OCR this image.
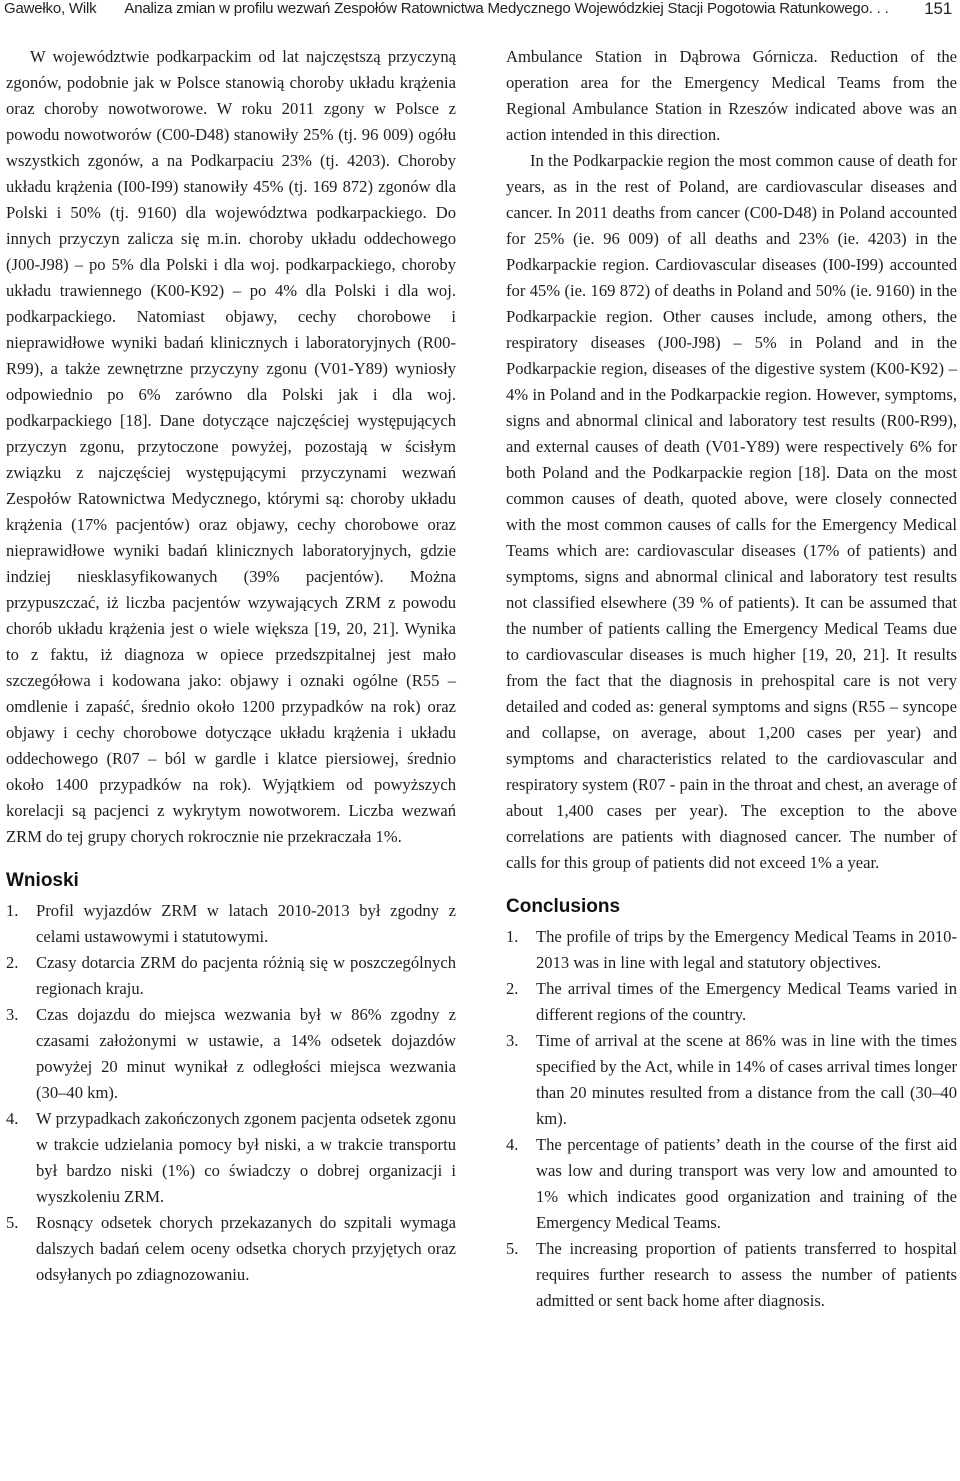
Gawełko, Wilk Analiza zmian w profilu wezwań Zespołów Ratownictwa Medycznego Wojewódzkiej Stacji Pogotowia Ratunkowego. . .	151

W województwie podkarpackim od lat najczęstszą przyczyną zgonów, podobnie jak w Polsce stanowią choroby układu krążenia oraz choroby nowotworowe. W roku 2011 zgony w Polsce z powodu nowotworów (C00-D48) stanowiły 25% (tj. 96 009) ogółu wszystkich zgonów, a na Podkarpaciu 23% (tj. 4203). Choroby układu krążenia (I00-I99) stanowiły 45% (tj. 169 872) zgonów dla Polski i 50% (tj. 9160) dla województwa podkarpackiego. Do innych przyczyn zalicza się m.in. choroby układu oddechowego (J00-J98) – po 5% dla Polski i dla woj. podkarpackiego, choroby układu trawiennego (K00-K92) – po 4% dla Polski i dla woj. podkarpackiego. Natomiast objawy, cechy chorobowe i nieprawidłowe wyniki badań klinicznych i laboratoryjnych (R00-R99), a także zewnętrzne przyczyny zgonu (V01-Y89) wyniosły odpowiednio po 6% zarówno dla Polski jak i dla woj. podkarpackiego [18]. Dane dotyczące najczęściej występujących przyczyn zgonu, przytoczone powyżej, pozostają w ścisłym związku z najczęściej występującymi przyczynami wezwań Zespołów Ratownictwa Medycznego, którymi są: choroby układu krążenia (17% pacjentów) oraz objawy, cechy chorobowe oraz nieprawidłowe wyniki badań klinicznych laboratoryjnych, gdzie indziej niesklasyfikowanych (39% pacjentów). Można przypuszczać, iż liczba pacjentów wzywających ZRM z powodu chorób układu krążenia jest o wiele większa [19, 20, 21]. Wynika to z faktu, iż diagnoza w opiece przedszpitalnej jest mało szczegółowa i kodowana jako: objawy i oznaki ogólne (R55 – omdlenie i zapaść, średnio około 1200 przypadków na rok) oraz objawy i cechy chorobowe dotyczące układu krążenia i układu oddechowego (R07 – ból w gardle i klatce piersiowej, średnio około 1400 przypadków na rok). Wyjątkiem od powyższych korelacji są pacjenci z wykrytym nowotworem. Liczba wezwań ZRM do tej grupy chorych rokrocznie nie przekraczała 1%.

Wnioski
1. Profil wyjazdów ZRM w latach 2010-2013 był zgodny z celami ustawowymi i statutowymi.
2. Czasy dotarcia ZRM do pacjenta różnią się w poszczególnych regionach kraju.
3. Czas dojazdu do miejsca wezwania był w 86% zgodny z czasami założonymi w ustawie, a 14% odsetek dojazdów powyżej 20 minut wynikał z odległości miejsca wezwania (30–40 km).
4. W przypadkach zakończonych zgonem pacjenta odsetek zgonu w trakcie udzielania pomocy był niski, a w trakcie transportu był bardzo niski (1%) co świadczy o dobrej organizacji i wyszkoleniu ZRM.
5. Rosnący odsetek chorych przekazanych do szpitali wymaga dalszych badań celem oceny odsetka chorych przyjętych oraz odsyłanych po zdiagnozowaniu.

Ambulance Station in Dąbrowa Górnicza. Reduction of the operation area for the Emergency Medical Teams from the Regional Ambulance Station in Rzeszów indicated above was an action intended in this direction.

In the Podkarpackie region the most common cause of death for years, as in the rest of Poland, are cardiovascular diseases and cancer. In 2011 deaths from cancer (C00-D48) in Poland accounted for 25% (ie. 96 009) of all deaths and 23% (ie. 4203) in the Podkarpackie region. Cardiovascular diseases (I00-I99) accounted for 45% (ie. 169 872) of deaths in Poland and 50% (ie. 9160) in the Podkarpackie region. Other causes include, among others, the respiratory diseases (J00-J98) – 5% in Poland and in the Podkarpackie region, diseases of the digestive system (K00-K92) – 4% in Poland and in the Podkarpackie region. However, symptoms, signs and abnormal clinical and laboratory test results (R00-R99), and external causes of death (V01-Y89) were respectively 6% for both Poland and the Podkarpackie region [18]. Data on the most common causes of death, quoted above, were closely connected with the most common causes of calls for the Emergency Medical Teams which are: cardiovascular diseases (17% of patients) and symptoms, signs and abnormal clinical and laboratory test results not classified elsewhere (39 % of patients). It can be assumed that the number of patients calling the Emergency Medical Teams due to cardiovascular diseases is much higher [19, 20, 21]. It results from the fact that the diagnosis in prehospital care is not very detailed and coded as: general symptoms and signs (R55 – syncope and collapse, on average, about 1,200 cases per year) and symptoms and characteristics related to the cardiovascular and respiratory system (R07 - pain in the throat and chest, an average of about 1,400 cases per year). The exception to the above correlations are patients with diagnosed cancer. The number of calls for this group of patients did not exceed 1% a year.

Conclusions
1. The profile of trips by the Emergency Medical Teams in 2010-2013 was in line with legal and statutory objectives.
2. The arrival times of the Emergency Medical Teams varied in different regions of the country.
3. Time of arrival at the scene at 86% was in line with the times specified by the Act, while in 14% of cases arrival times longer than 20 minutes resulted from a distance from the call (30–40 km).
4. The percentage of patients’ death in the course of the first aid was low and during transport was very low and amounted to 1% which indicates good organization and training of the Emergency Medical Teams.
5. The increasing proportion of patients transferred to hospital requires further research to assess the number of patients admitted or sent back home after diagnosis.
